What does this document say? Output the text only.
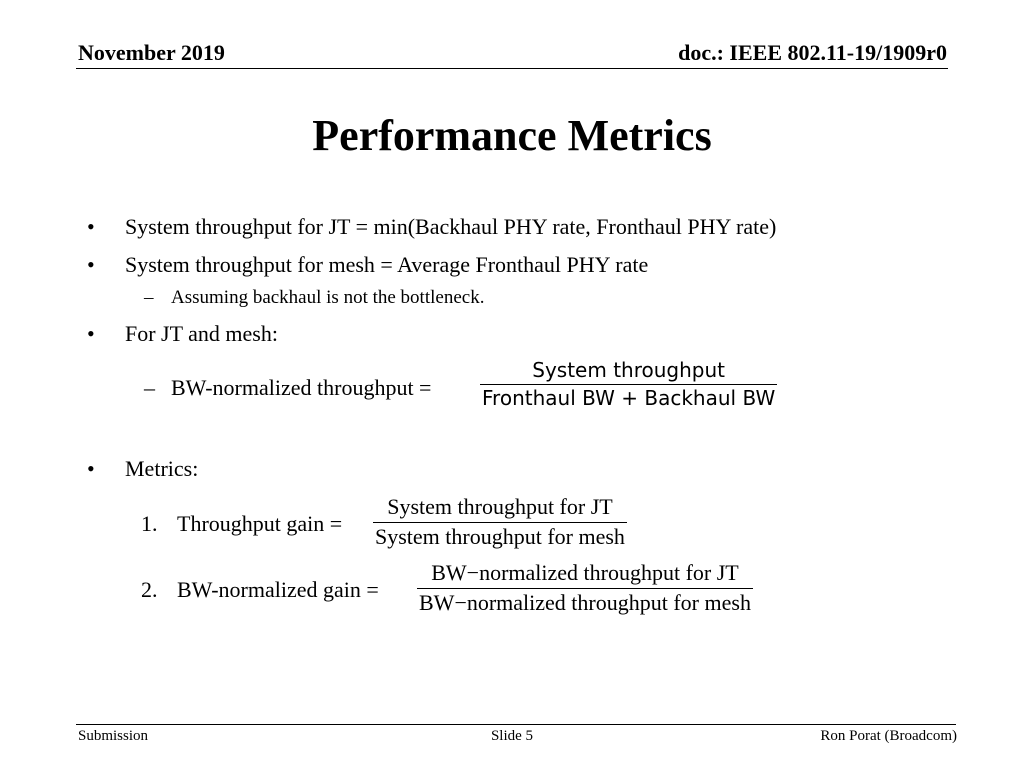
November 2019	doc.: IEEE 802.11-19/1909r0
Performance Metrics
• System throughput for JT = min(Backhaul PHY rate, Fronthaul PHY rate)
• System throughput for mesh = Average Fronthaul PHY rate
– Assuming backhaul is not the bottleneck.
• For JT and mesh:
– BW-normalized throughput =
System throughput
Fronthaul BW + Backhaul BW
• Metrics:
1. Throughput gain =
System throughput for JT
System throughput for mesh
2. BW-normalized gain =
BW−normalized throughput for JT
BW−normalized throughput for mesh
Submission	Slide 5	Ron Porat (Broadcom)
